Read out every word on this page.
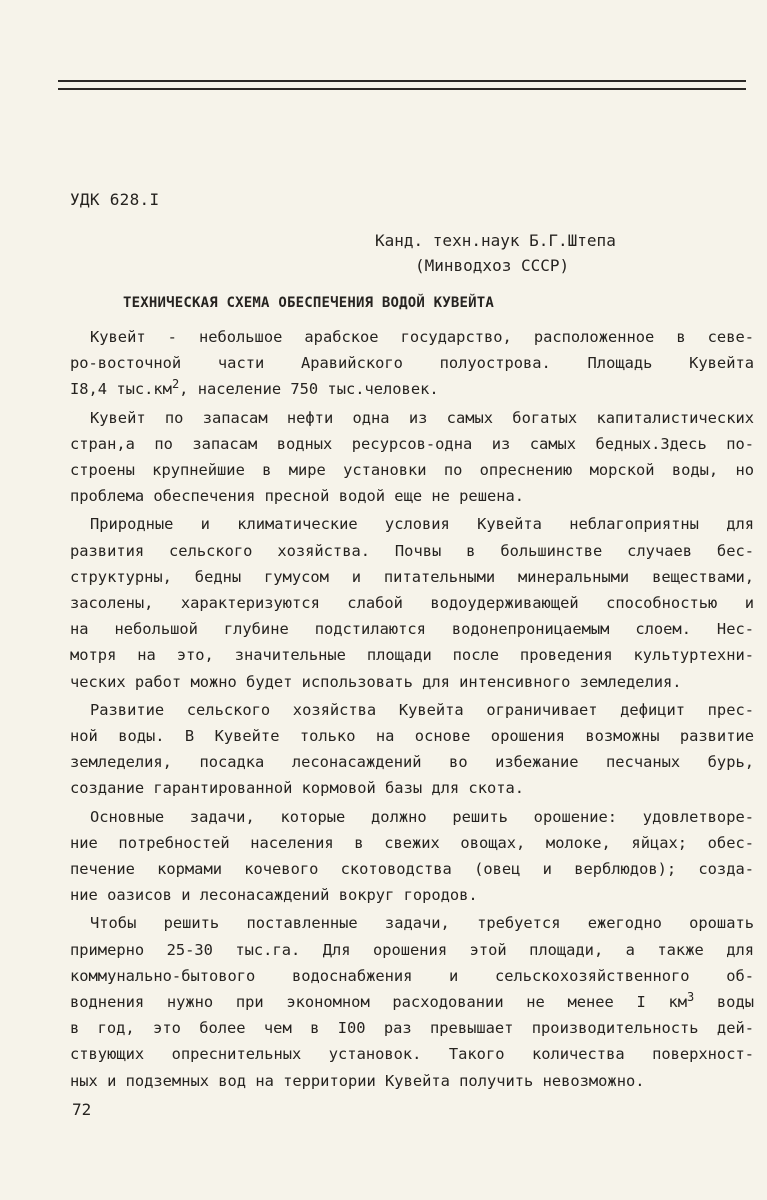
УДК 628.I
Канд. техн.наук Б.Г.Штепа
(Минводхоз СССР)
ТЕХНИЧЕСКАЯ СХЕМА ОБЕСПЕЧЕНИЯ ВОДОЙ КУВЕЙТА
Кувейт - небольшое арабское государство, расположенное в севе-
ро-восточной части Аравийского полуострова. Площадь Кувейта
I8,4 $тыс.км^2$, население 750 тыс.человек.
Кувейт по запасам нефти одна из самых богатых капиталистических
стран,а по запасам водных ресурсов-одна из самых бедных.Здесь по-
строены крупнейшие в мире установки по опреснению морской воды, но
проблема обеспечения пресной водой еще не решена.
Природные и климатические условия Кувейта неблагоприятны для
развития сельского хозяйства. Почвы в большинстве случаев бес-
структурны, бедны гумусом и питательными минеральными веществами,
засолены, характеризуются слабой водоудерживающей способностью и
на небольшой глубине подстилаются водонепроницаемым слоем. Нес-
мотря на это, значительные площади после проведения культуртехни-
ческих работ можно будет использовать для интенсивного земледелия.
Развитие сельского хозяйства Кувейта ограничивает дефицит прес-
ной воды. В Кувейте только на основе орошения возможны развитие
земледелия, посадка лесонасаждений во избежание песчаных бурь,
создание гарантированной кормовой базы для скота.
Основные задачи, которые должно решить орошение: удовлетворе-
ние потребностей населения в свежих овощах, молоке, яйцах; обес-
печение кормами кочевого скотоводства (овец и верблюдов); созда-
ние оазисов и лесонасаждений вокруг городов.
Чтобы решить поставленные задачи, требуется ежегодно орошать
примерно 25-30 тыс.га. Для орошения этой площади, а также для
коммунально-бытового водоснабжения и сельскохозяйственного об-
воднения нужно при экономном расходовании не менее I $км^3$ воды
в год, это более чем в I00 раз превышает производительность дей-
ствующих опреснительных установок. Такого количества поверхност-
ных и подземных вод на территории Кувейта получить невозможно.
72
